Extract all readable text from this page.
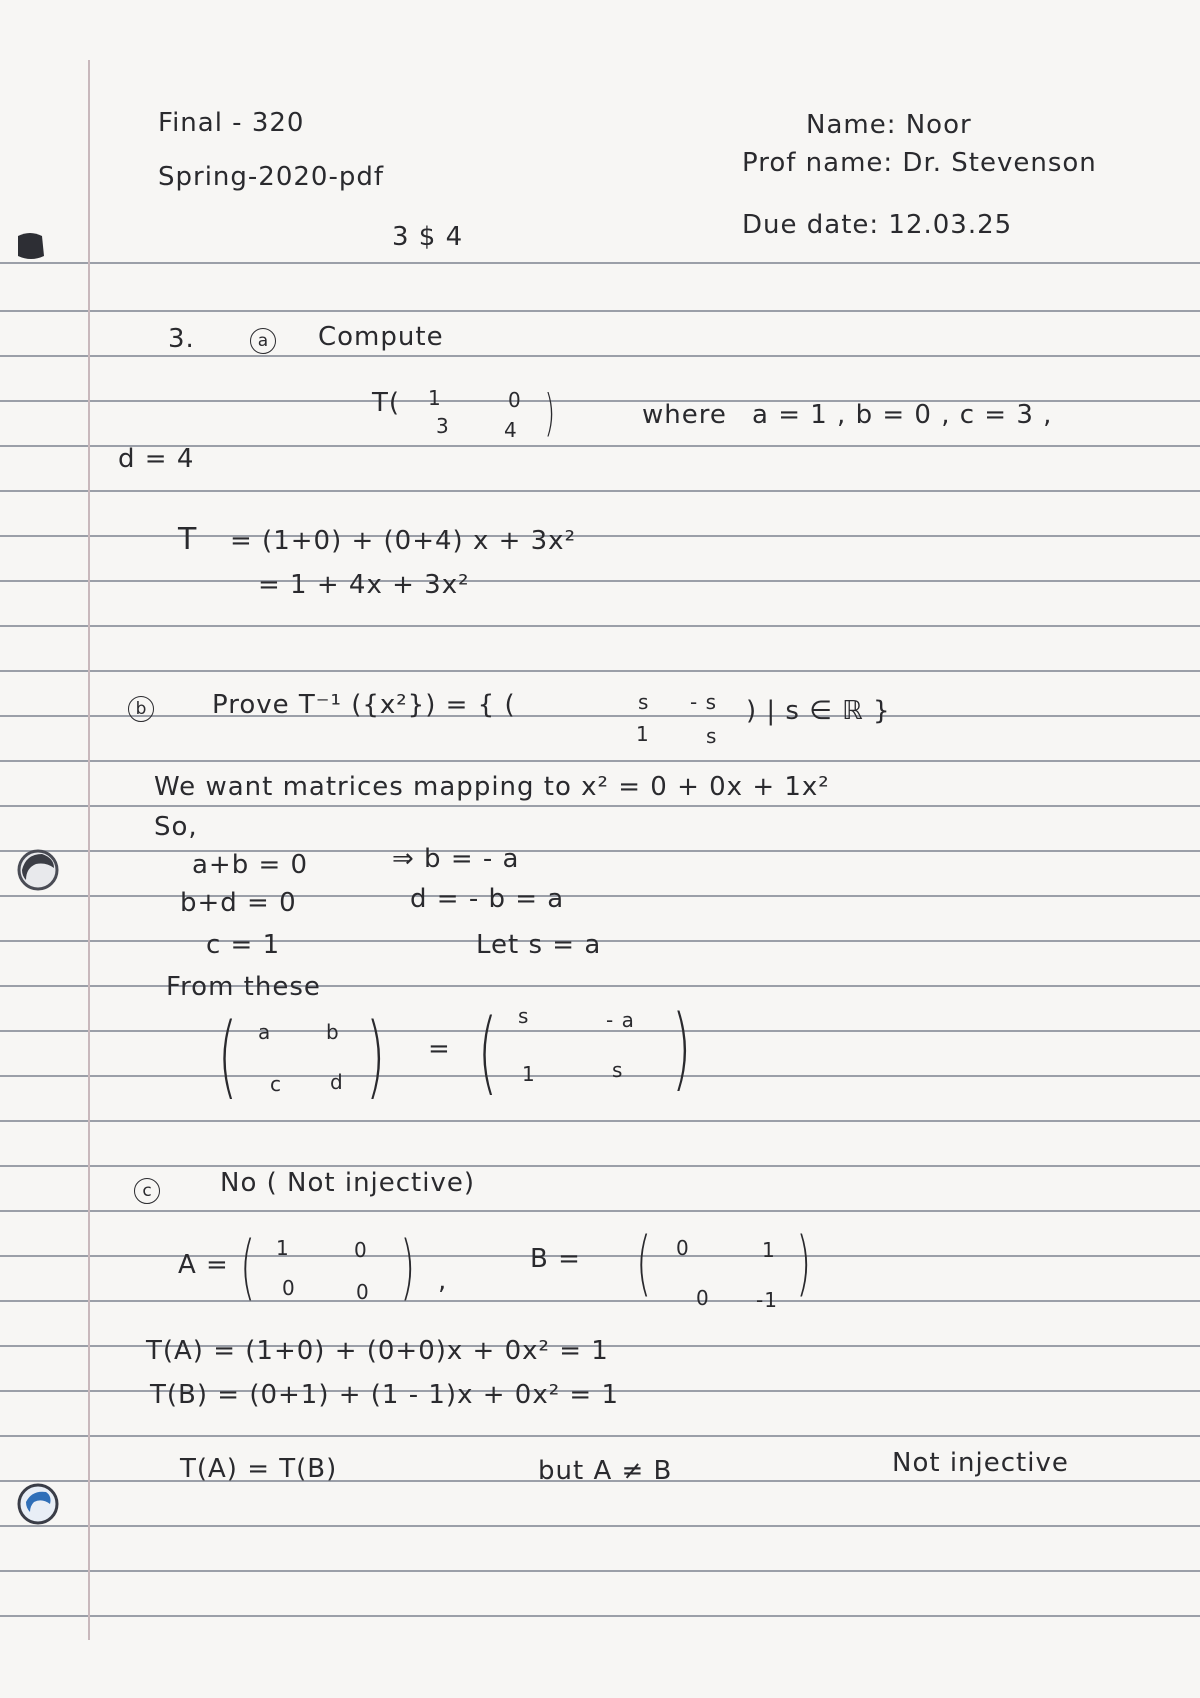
Final - 320
Spring-2020-pdf
3 $ 4
Name: Noor
Prof name: Dr. Stevenson
Due date: 12.03.25
3.	a Compute
T( 1	0
3	4 )	where a = 1 , b = 0 , c = 3 ,
d = 4
T = (1+0) + (0+4) x + 3x²
= 1 + 4x + 3x²
b	Prove T⁻¹ ({x²}) = { (	s - s
1	s
) | s ∈ ℝ }
We want matrices mapping to x² = 0 + 0x + 1x²
So,
a+b = 0	⇒ b = - a
b+d = 0	d = - b = a
c = 1	Let s = a
From these
( a	b
c d ) = ( s	- a
1	s )
c	No ( Not injective)
A = ( 1	0
0	0 ) ,
B = ( 0	1
0 -1 )
T(A) = (1+0) + (0+0)x + 0x² = 1
T(B) = (0+1) + (1 - 1)x + 0x² = 1
T(A) = T(B)	but A ≠ B	Not injective
